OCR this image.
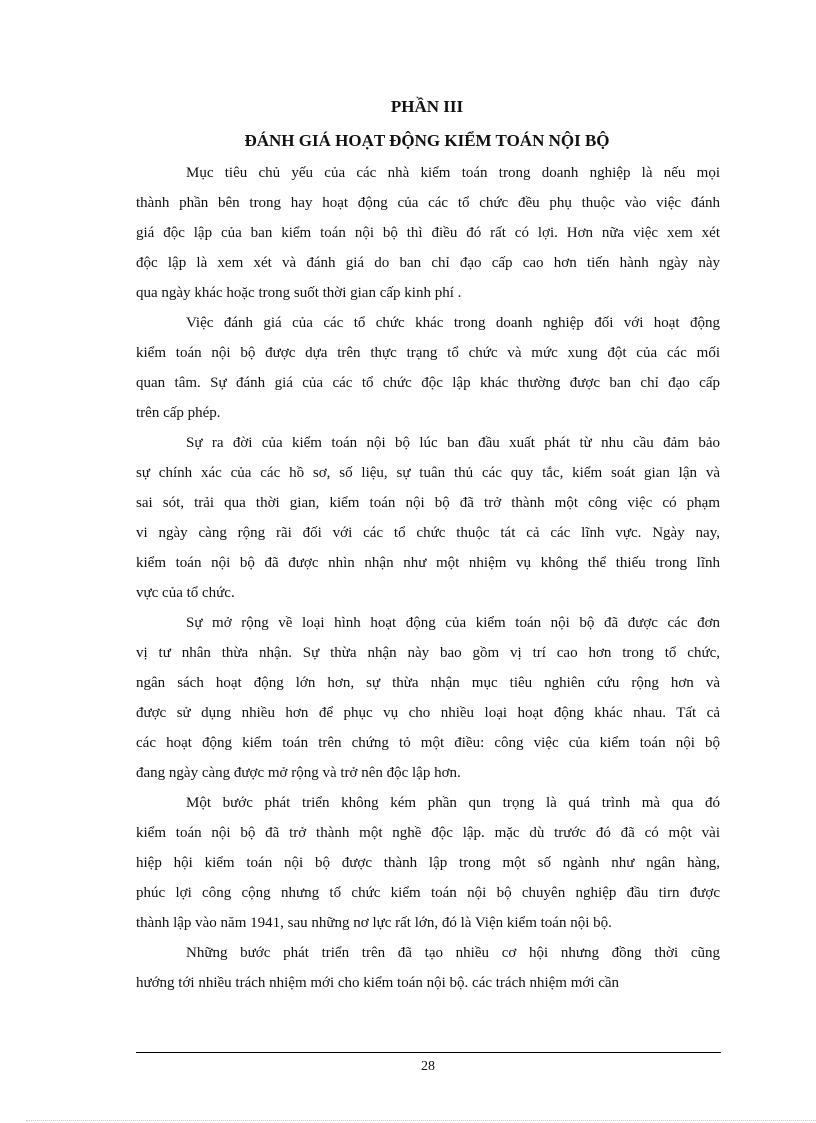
PHẦN III
ĐÁNH GIÁ HOẠT ĐỘNG KIỂM TOÁN NỘI BỘ

Mục tiêu chủ yếu của các nhà kiểm toán trong doanh nghiệp là nếu mọi
thành phần bên trong hay hoạt động của các tổ chức đều phụ thuộc vào việc đánh
giá độc lập của ban kiểm toán nội bộ thì điều đó rất có lợi. Hơn nữa việc xem xét
độc lập là xem xét và đánh giá do ban chỉ đạo cấp cao hơn tiến hành ngày này
qua ngày khác hoặc trong suốt thời gian cấp kinh phí .

Việc đánh giá của các tổ chức khác trong doanh nghiệp đối với hoạt động
kiểm toán nội bộ được dựa trên thực trạng tổ chức và mức xung đột của các mối
quan tâm. Sự đánh giá của các tổ chức độc lập khác thường được ban chỉ đạo cấp
trên cấp phép.

Sự ra đời của kiểm toán nội bộ lúc ban đầu xuất phát từ nhu cầu đảm bảo
sự chính xác của các hồ sơ, số liệu, sự tuân thủ các quy tắc, kiểm soát gian lận và
sai sót, trải qua thời gian, kiểm toán nội bộ đã trở thành một công việc có phạm
vi ngày càng rộng rãi đối với các tổ chức thuộc tát cả các lĩnh vực. Ngày nay,
kiểm toán nội bộ đã được nhìn nhận như một nhiệm vụ không thể thiếu trong lĩnh
vực của tổ chức.

Sự mở rộng về loại hình hoạt động của kiểm toán nội bộ đã được các đơn
vị tư nhân thừa nhận. Sự thừa nhận này bao gồm vị trí cao hơn trong tổ chức,
ngân sách hoạt động lớn hơn, sự thừa nhận mục tiêu nghiên cứu rộng hơn và
được sử dụng nhiều hơn để phục vụ cho nhiều loại hoạt động khác nhau. Tất cả
các hoạt động kiểm toán trên chứng tỏ một điều: công việc của kiểm toán nội bộ
đang ngày càng được mở rộng và trở nên độc lập hơn.

Một bước phát triển không kém phần qun trọng là quá trình mà qua đó
kiểm toán nội bộ đã trở thành một nghề độc lập. mặc dù trước đó đã có một vài
hiệp hội kiểm toán nội bộ được thành lập trong một số ngành như ngân hàng,
phúc lợi công cộng nhưng tổ chức kiểm toán nội bộ chuyên nghiệp đầu tirn được
thành lập vào năm 1941, sau những nơ lực rất lớn, đó là Viện kiểm toán nội bộ.

Những bước phát triển trên đã tạo nhiều cơ hội nhưng đồng thời cũng
hướng tới nhiều trách nhiệm mới cho kiểm toán nội bộ. các trách nhiệm mới cần

28
